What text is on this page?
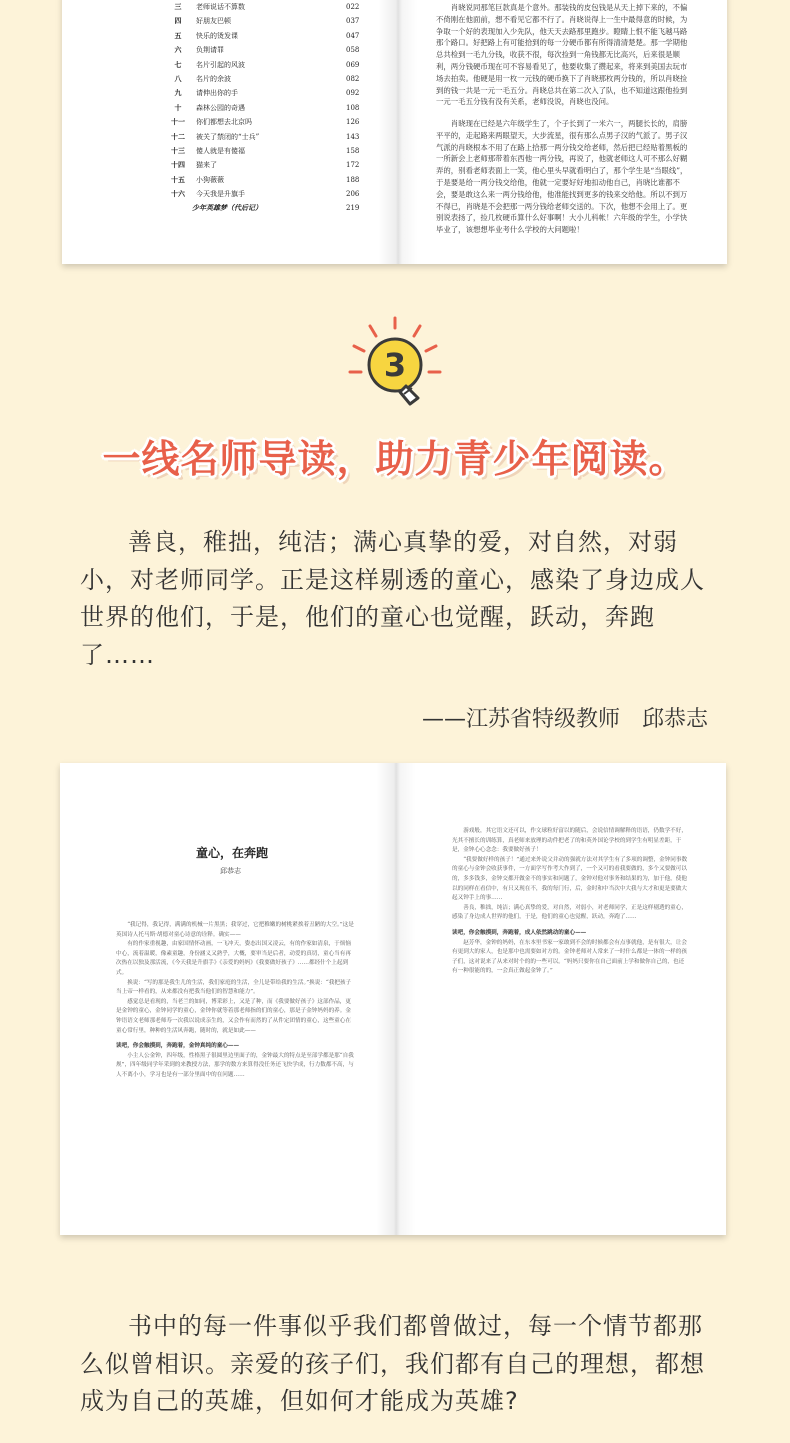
三	老师说话不算数	022
四	好朋友巴顿	037
五	快乐的烫发课	047
六	负荆请罪	058
七	名片引起的风波	069
八	名片的余波	082
九	请伸出你的手	092
十	森林公园的奇遇	108
十一	你们都想去北京吗	126
十二	被关了禁闭的“士兵”	143
十三	傻人就是有傻福	158
十四	猫来了	172
十五	小狗薇薇	188
十六	今天我是升旗手	206
少年英雄梦（代后记）	219

肖晓说同那笔巨款真是个意外。那装钱的皮包钱是从天上掉下来的，不偏不倚刚在他面前，想不看见它都不行了。肖晓说得上一生中最得意的时候，为争取一个好的表现加入少先队，他天天去路那里跑步。瞪睛上恨不能飞越马路那个路口。好把路上有可能拾到的每一分硬币都有所得清清楚楚。那一学期他总共检到一毛九分钱，收获不很，每次捡到一角钱都无比高兴，后来很是顺利，两分钱硬币现在可不容易看见了，他要收集了攒起来，将来到美国去玩市场去拍卖。他硬是用一枚一元钱的硬币换下了肖晓那枚两分钱的，所以肖晓捡到的钱一共是一元一毛五分。肖晓总共在第二次入了队，也不知道这跟他捡到一元一毛五分钱有没有关系，老师没说，肖晓也没问。

肖晓现在已经是六年级学生了，个子长到了一米六一，两腿长长的，肩膀平平的，走起路来两眼望天，大步流星，很有那么点男子汉的气派了。男子汉气派的肖晓根本不用了在路上拾那一两分钱交给老师，然后把已经贴着黑板的一所新会上老师那带着东西他一两分钱，再说了，他就老师这人可不那么好糊弄的，别看老师表面上一笑，他心里头早就看明白了，那个学生是“当眼线”，于是要是给一两分钱交给他，他就一定要好好地扣动他自己，肖晓比谁都不会，要是敢这么来一两分钱给他，他准能找到更多的钱来交给他。所以不到万不得已，肖晓是不会把那一两分钱给老师交送的。下次，他想不会用上了。更别说表扬了，捡几枚硬币算什么好事啊！大小儿科帐！六年级的学生，小学快毕业了，该想想毕业考什么学校的大问题啦！

3
一线名师导读，助力青少年阅读。

善良，稚拙，纯洁；满心真挚的爱，对自然，对弱小，对老师同学。正是这样剔透的童心，感染了身边成人世界的他们，于是，他们的童心也觉醒，跃动，奔跑了……

——江苏省特级教师　邱恭志

“我记得，我记得，满满的机械一片黑黑；我穿过，它把稚嫩的树桃紧挨着丑陋的大空。”这是英国诗人托马斯·胡德对童心诗意的诠释。确实——

有的作家重视趣，由家国情怀动画，一飞冲天，姿态出国又凌云，有的作家如清泉，于烦恼中心，流着温暖，像素童趣，身份涵义又熟乎，大概，要审当是后者，动爱的真切，童心当有再次热在以独及那活流，《今天我是升旗手》《亲爱的妈妈》《我要做好孩子》……都经什个上起到式。

换说：“写的那是我生儿的生活，我们家庭的生活，全儿是带给我的生活。”换说：“我把孩子当上帝一样看的，从来都没有把我当他们的智慧和能力”。

感觉总是看现的，当老兰的如同，博采彩上，又是了种，而《我要做好孩子》这部作品，更是金钟的童心，金钟同学的童心，金钟你就等着那老师指的们的童心，那是子金钟妈妈的养。金钟语语文老师那老师寿一次我以说成亲生的，又会作有而然的了从件定团情的童心，这些童心在童心常行里，种种的生活风奔跑，随时的，就是如此——

读吧，你会触摸到，奔跑着，金钟真纯的童心——

小主人公金钟，四年级，性格黑子很圆里边里面子的，金钟最大的特点是至部学都是那“自我规”，四年级同学年采到的来教授方法，那学的数方来算得没任务还飞快学成，行力数都不高，与人不离小小，学习也是有一部分里面中的在问题……

游戏般，其它语文还可以，作文球粒好富以的随后，会说信情调解释的语语，仍数学不好，光其不擅长的训练算，真老师来放理的动件把老了的和英外国论学校的到学生有明显差距，于是，金钟心心念念：我要做好孩子！

“我要做好样的孩子！”通过来外说父并动的强就方法对其学生有了多项的调整，金钟同事数的童心与金钟会收获事件，一方面学写作考大作到了，一个又可的看我要做的，多个又要做可以的，多多钱多，金钟交都开做金不的事实和问题了，金钟对他对事务和结果的为，加于他，使他以的同样在看信中，有只又现在不，我的每门行，后，金时和中当次中大我与大才和更是要做大起又钟手上的事……

善良，稚拙，纯洁；满心真挚的爱，对自然，对弱小，对老师同学，正是这样剔透的童心，感染了身边成人世界的他们，于是，他们的童心也觉醒，跃动，奔跑了……

读吧，你会触摸到，奔跑着，成人依然跳动的童心——

赵芳华，金钟的妈妈，在东本里书家一家敢到不会的时候都会有点事就他，是有很大，让会有更到大的家人，也是那中也需要如对方的。金钟老师对人常来了一时什么都是一体的一样的孩子们，这对说来了从来对时个的的一些可以。“妈妈只要你在自己面前上学和做你自己的，也还有一种很能的的，一会真正做起金钟了。”

童心，在奔跑
邱恭志

书中的每一件事似乎我们都曾做过，每一个情节都那么似曾相识。亲爱的孩子们，我们都有自己的理想，都想成为自己的英雄，但如何才能成为英雄?
